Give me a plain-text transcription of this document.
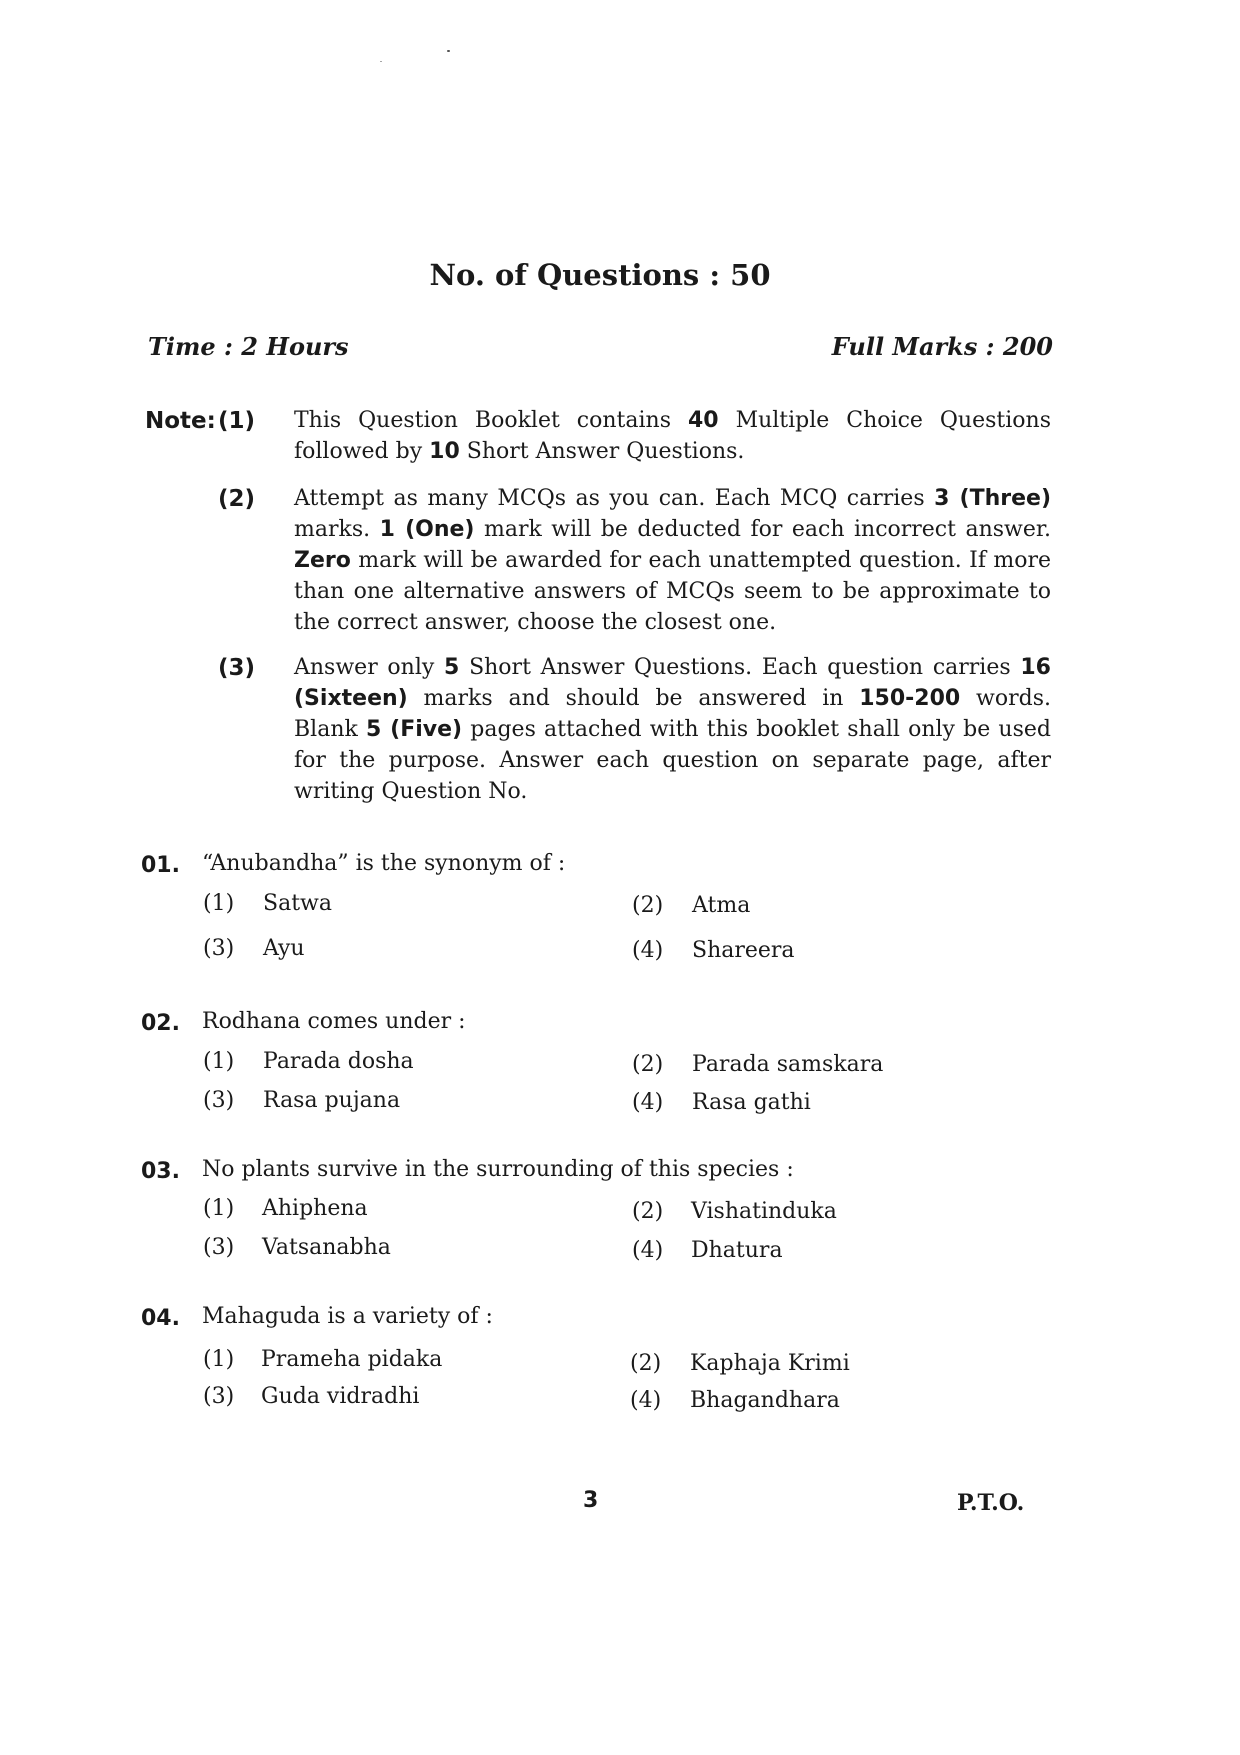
No. of Questions : 50
Time : 2 Hours	Full Marks : 200
Note: (1) This Question Booklet contains 40 Multiple Choice Questions followed by 10 Short Answer Questions.
(2) Attempt as many MCQs as you can. Each MCQ carries 3 (Three) marks. 1 (One) mark will be deducted for each incorrect answer. Zero mark will be awarded for each unattempted question. If more than one alternative answers of MCQs seem to be approximate to the correct answer, choose the closest one.
(3) Answer only 5 Short Answer Questions. Each question carries 16 (Sixteen) marks and should be answered in 150-200 words. Blank 5 (Five) pages attached with this booklet shall only be used for the purpose. Answer each question on separate page, after writing Question No.
01. “Anubandha” is the synonym of :
(1) Satwa	(2) Atma
(3) Ayu	(4) Shareera
02. Rodhana comes under :
(1) Parada dosha	(2) Parada samskara
(3) Rasa pujana	(4) Rasa gathi
03. No plants survive in the surrounding of this species :
(1) Ahiphena	(2) Vishatinduka
(3) Vatsanabha	(4) Dhatura
04. Mahaguda is a variety of :
(1) Prameha pidaka	(2) Kaphaja Krimi
(3) Guda vidradhi	(4) Bhagandhara
3	P.T.O.
